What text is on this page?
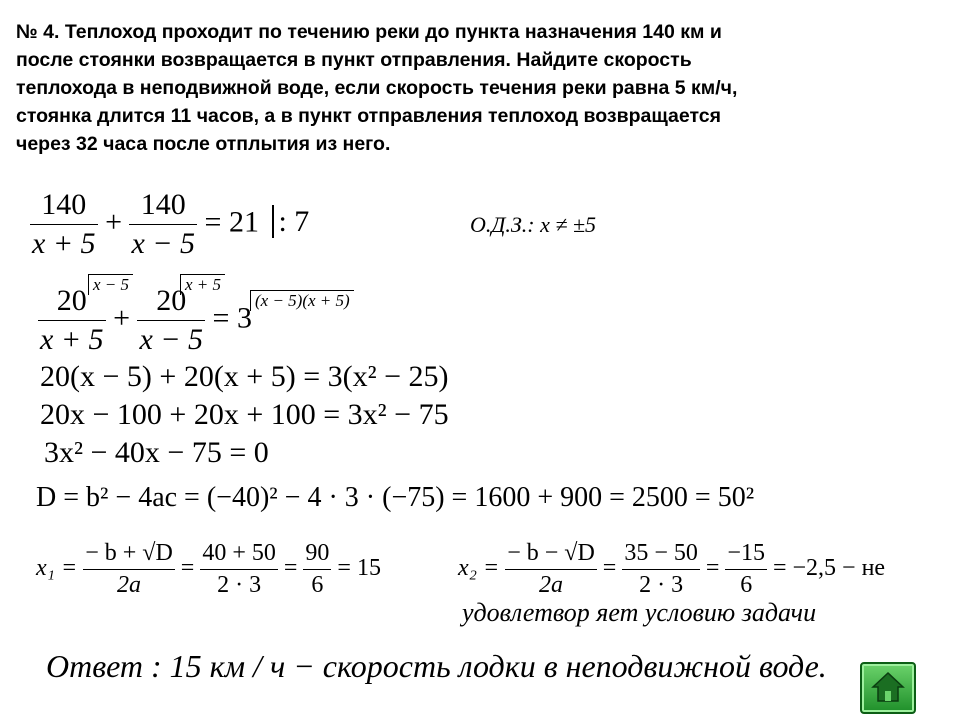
№ 4. Теплоход проходит по течению реки до пункта назначения 140 км и
после стоянки возвращается в пункт отправления. Найдите скорость
теплохода в неподвижной воде, если скорость течения реки равна 5 км/ч,
стоянка длится 11 часов, а в пункт отправления теплоход возвращается
через 32 часа после отплытия из него.
$\frac{140}{x + 5} + \frac{140}{x - 5} = 21$ : 7	О.Д.З.: x ≠ ±5
x − 5	x + 5
(x − 5)(x + 5)
$\frac{20}{x + 5} + \frac{20}{x - 5} = 3$
20(x − 5) + 20(x + 5) = 3(x² − 25)
20x − 100 + 20x + 100 = 3x² − 75
3x² − 40x − 75 = 0
D = b² − 4ac = (−40)² − 4 · 3 · (−75) = 1600 + 900 = 2500 = 50²
$x_1 = \frac{- b + √D}{2a} = \frac{40 + 50}{2 \cdot 3} = \frac{90}{6} = 15$	$x_2 = \frac{- b - √D}{2a} = \frac{35 - 50}{2 \cdot 3} = \frac{-15}{6} = -2,5$ − не
удовлетвор яет условию задачи
Ответ : 15 км / ч − скорость лодки в неподвижной воде.
